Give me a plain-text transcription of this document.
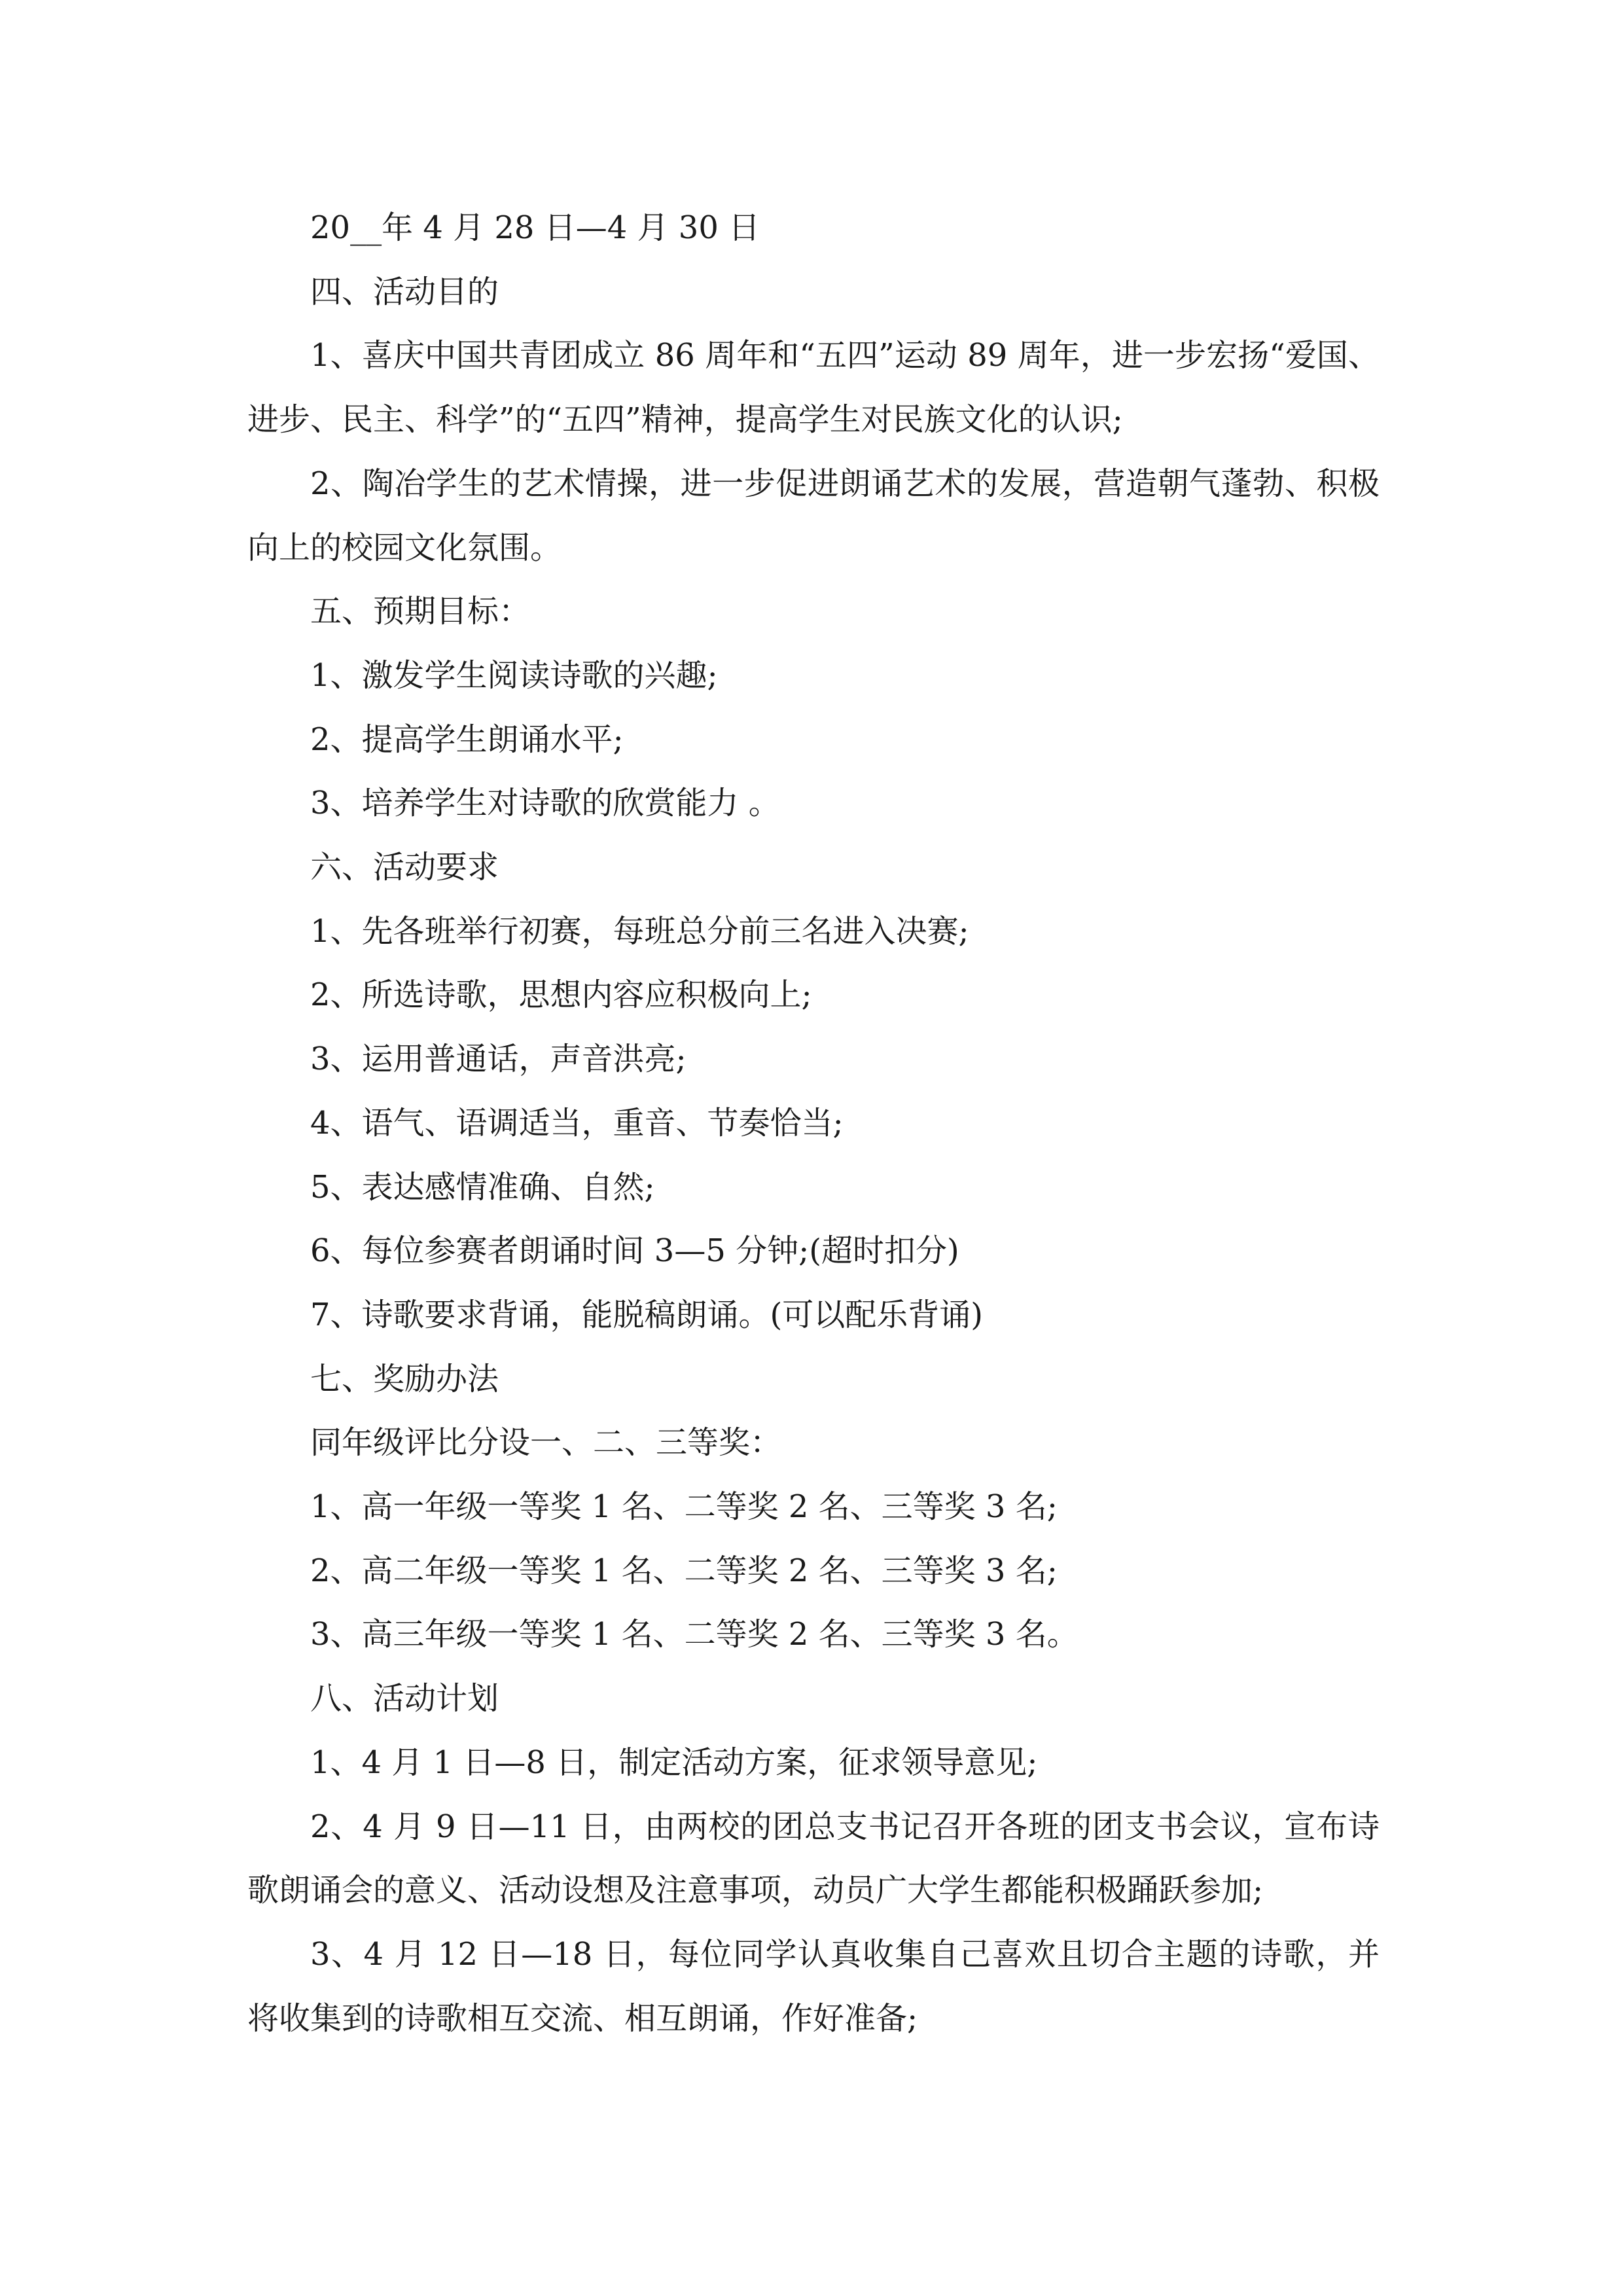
20__年 4 月 28 日—4 月 30 日

四、活动目的

1、喜庆中国共青团成立 86 周年和“五四”运动 89 周年，进一步宏扬“爱国、进步、民主、科学”的“五四”精神，提高学生对民族文化的认识;

2、陶冶学生的艺术情操，进一步促进朗诵艺术的发展，营造朝气蓬勃、积极向上的校园文化氛围。

五、预期目标：

1、激发学生阅读诗歌的兴趣;

2、提高学生朗诵水平;

3、培养学生对诗歌的欣赏能力 。

六、活动要求

1、先各班举行初赛，每班总分前三名进入决赛;

2、所选诗歌，思想内容应积极向上;

3、运用普通话，声音洪亮;

4、语气、语调适当，重音、节奏恰当;

5、表达感情准确、自然;

6、每位参赛者朗诵时间 3—5 分钟;(超时扣分)

7、诗歌要求背诵，能脱稿朗诵。(可以配乐背诵)

七、奖励办法

同年级评比分设一、二、三等奖：

1、高一年级一等奖 1 名、二等奖 2 名、三等奖 3 名;

2、高二年级一等奖 1 名、二等奖 2 名、三等奖 3 名;

3、高三年级一等奖 1 名、二等奖 2 名、三等奖 3 名。

八、活动计划

1、4 月 1 日—8 日，制定活动方案，征求领导意见;

2、4 月 9 日—11 日，由两校的团总支书记召开各班的团支书会议，宣布诗歌朗诵会的意义、活动设想及注意事项，动员广大学生都能积极踊跃参加;

3、4 月 12 日—18 日，每位同学认真收集自己喜欢且切合主题的诗歌，并将收集到的诗歌相互交流、相互朗诵，作好准备;
